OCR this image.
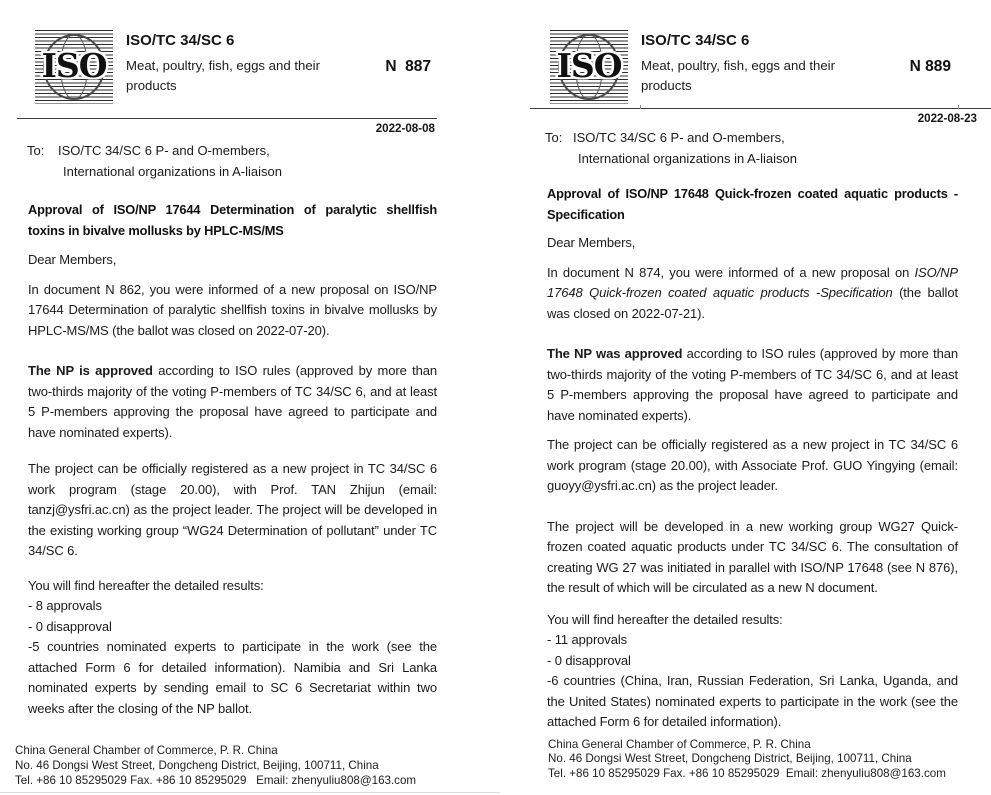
ISO
ISO/TC 34/SC 6
Meat, poultry, fish, eggs and their products
N  887
2022-08-08
To:	ISO/TC 34/SC 6 P- and O-members,
International organizations in A-liaison
Approval of ISO/NP 17644 Determination of paralytic shellfish
toxins in bivalve mollusks by HPLC-MS/MS

Dear Members,

In document N 862, you were informed of a new proposal on ISO/NP 17644 Determination of paralytic shellfish toxins in bivalve mollusks by HPLC-MS/MS (the ballot was closed on 2022-07-20).

The NP is approved according to ISO rules (approved by more than two-thirds majority of the voting P-members of TC 34/SC 6, and at least 5 P-members approving the proposal have agreed to participate and have nominated experts).

The project can be officially registered as a new project in TC 34/SC 6 work program (stage 20.00), with Prof. TAN Zhijun (email: tanzj@ysfri.ac.cn) as the project leader. The project will be developed in the existing working group “WG24 Determination of pollutant” under TC 34/SC 6.

You will find hereafter the detailed results:
- 8 approvals
- 0 disapproval
-5 countries nominated experts to participate in the work (see the attached Form 6 for detailed information). Namibia and Sri Lanka nominated experts by sending email to SC 6 Secretariat within two weeks after the closing of the NP ballot.
China General Chamber of Commerce, P. R. China
No. 46 Dongsi West Street, Dongcheng District, Beijing, 100711, China
Tel. +86 10 85295029 Fax. +86 10 85295029   Email: zhenyuliu808@163.com
ISO
ISO/TC 34/SC 6
Meat, poultry, fish, eggs and their products
N 889
2022-08-23
To: ISO/TC 34/SC 6 P- and O-members,
International organizations in A-liaison
Approval of ISO/NP 17648 Quick-frozen coated aquatic products -
Specification

Dear Members,

In document N 874, you were informed of a new proposal on ISO/NP 17648 Quick-frozen coated aquatic products -Specification (the ballot was closed on 2022-07-21).

The NP was approved according to ISO rules (approved by more than two-thirds majority of the voting P-members of TC 34/SC 6, and at least 5 P-members approving the proposal have agreed to participate and have nominated experts).

The project can be officially registered as a new project in TC 34/SC 6 work program (stage 20.00), with Associate Prof. GUO Yingying (email: guoyy@ysfri.ac.cn) as the project leader.

The project will be developed in a new working group WG27 Quick-frozen coated aquatic products under TC 34/SC 6. The consultation of creating WG 27 was initiated in parallel with ISO/NP 17648 (see N 876), the result of which will be circulated as a new N document.

You will find hereafter the detailed results:
- 11 approvals
- 0 disapproval
-6 countries (China, Iran, Russian Federation, Sri Lanka, Uganda, and the United States) nominated experts to participate in the work (see the attached Form 6 for detailed information).
China General Chamber of Commerce, P. R. China
No. 46 Dongsi West Street, Dongcheng District, Beijing, 100711, China
Tel. +86 10 85295029 Fax. +86 10 85295029  Email: zhenyuliu808@163.com
